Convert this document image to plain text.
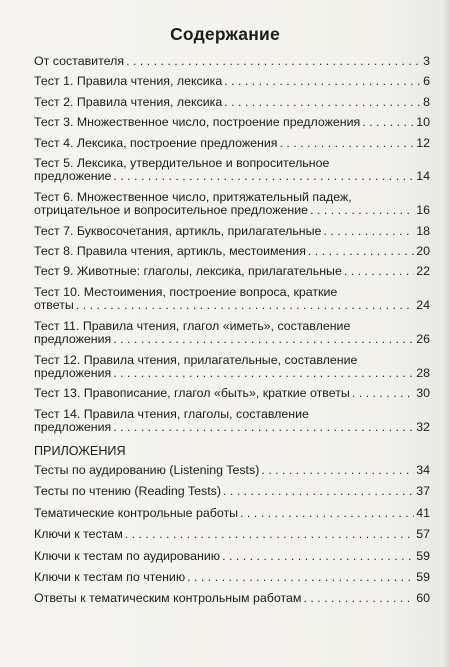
Содержание
От составителя . . .	3
Тест 1. Правила чтения, лексика . . .	6
Тест 2. Правила чтения, лексика . . .	8
Тест 3. Множественное число, построение предложения . . .	10
Тест 4. Лексика, построение предложения . . .	12
Тест 5. Лексика, утвердительное и вопросительное
предложение . . .	14
Тест 6. Множественное число, притяжательный падеж,
отрицательное и вопросительное предложение . . .	16
Тест 7. Буквосочетания, артикль, прилагательные . . .	18
Тест 8. Правила чтения, артикль, местоимения . . .	20
Тест 9. Животные: глаголы, лексика, прилагательные . . .	22
Тест 10. Местоимения, построение вопроса, краткие
ответы . . .	24
Тест 11. Правила чтения, глагол «иметь», составление
предложения . . .	26
Тест 12. Правила чтения, прилагательные, составление
предложения . . .	28
Тест 13. Правописание, глагол «быть», краткие ответы . . .	30
Тест 14. Правила чтения, глаголы, составление
предложения . . .	32
ПРИЛОЖЕНИЯ
Тесты по аудированию (Listening Tests) . . .	34
Тесты по чтению (Reading Tests) . . .	37
Тематические контрольные работы . . .	41
Ключи к тестам . . .	57
Ключи к тестам по аудированию . . .	59
Ключи к тестам по чтению . . .	59
Ответы к тематическим контрольным работам . . .	60
